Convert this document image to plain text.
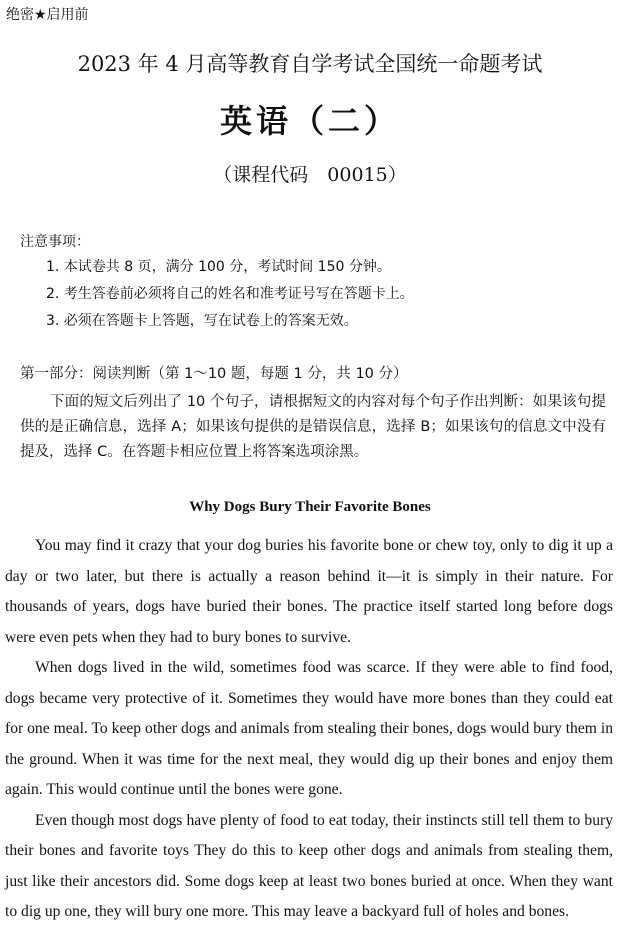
绝密★启用前
2023 年 4 月高等教育自学考试全国统一命题考试
英语（二）
（课程代码　00015）
注意事项：
1. 本试卷共 8 页，满分 100 分，考试时间 150 分钟。
2. 考生答卷前必须将自己的姓名和准考证号写在答题卡上。
3. 必须在答题卡上答题，写在试卷上的答案无效。
第一部分：阅读判断（第 1～10 题，每题 1 分，共 10 分）
下面的短文后列出了 10 个句子，请根据短文的内容对每个句子作出判断：如果该句提供的是正确信息，选择 A；如果该句提供的是错误信息，选择 B；如果该句的信息文中没有提及，选择 C。在答题卡相应位置上将答案选项涂黑。
Why Dogs Bury Their Favorite Bones

You may find it crazy that your dog buries his favorite bone or chew toy, only to dig it up a day or two later, but there is actually a reason behind it—it is simply in their nature. For thousands of years, dogs have buried their bones. The practice itself started long before dogs were even pets when they had to bury bones to survive.

When dogs lived in the wild, sometimes food was scarce. If they were able to find food, dogs became very protective of it. Sometimes they would have more bones than they could eat for one meal. To keep other dogs and animals from stealing their bones, dogs would bury them in the ground. When it was time for the next meal, they would dig up their bones and enjoy them again. This would continue until the bones were gone.

Even though most dogs have plenty of food to eat today, their instincts still tell them to bury their bones and favorite toys They do this to keep other dogs and animals from stealing them, just like their ancestors did. Some dogs keep at least two bones buried at once. When they want to dig up one, they will bury one more. This may leave a backyard full of holes and bones.
